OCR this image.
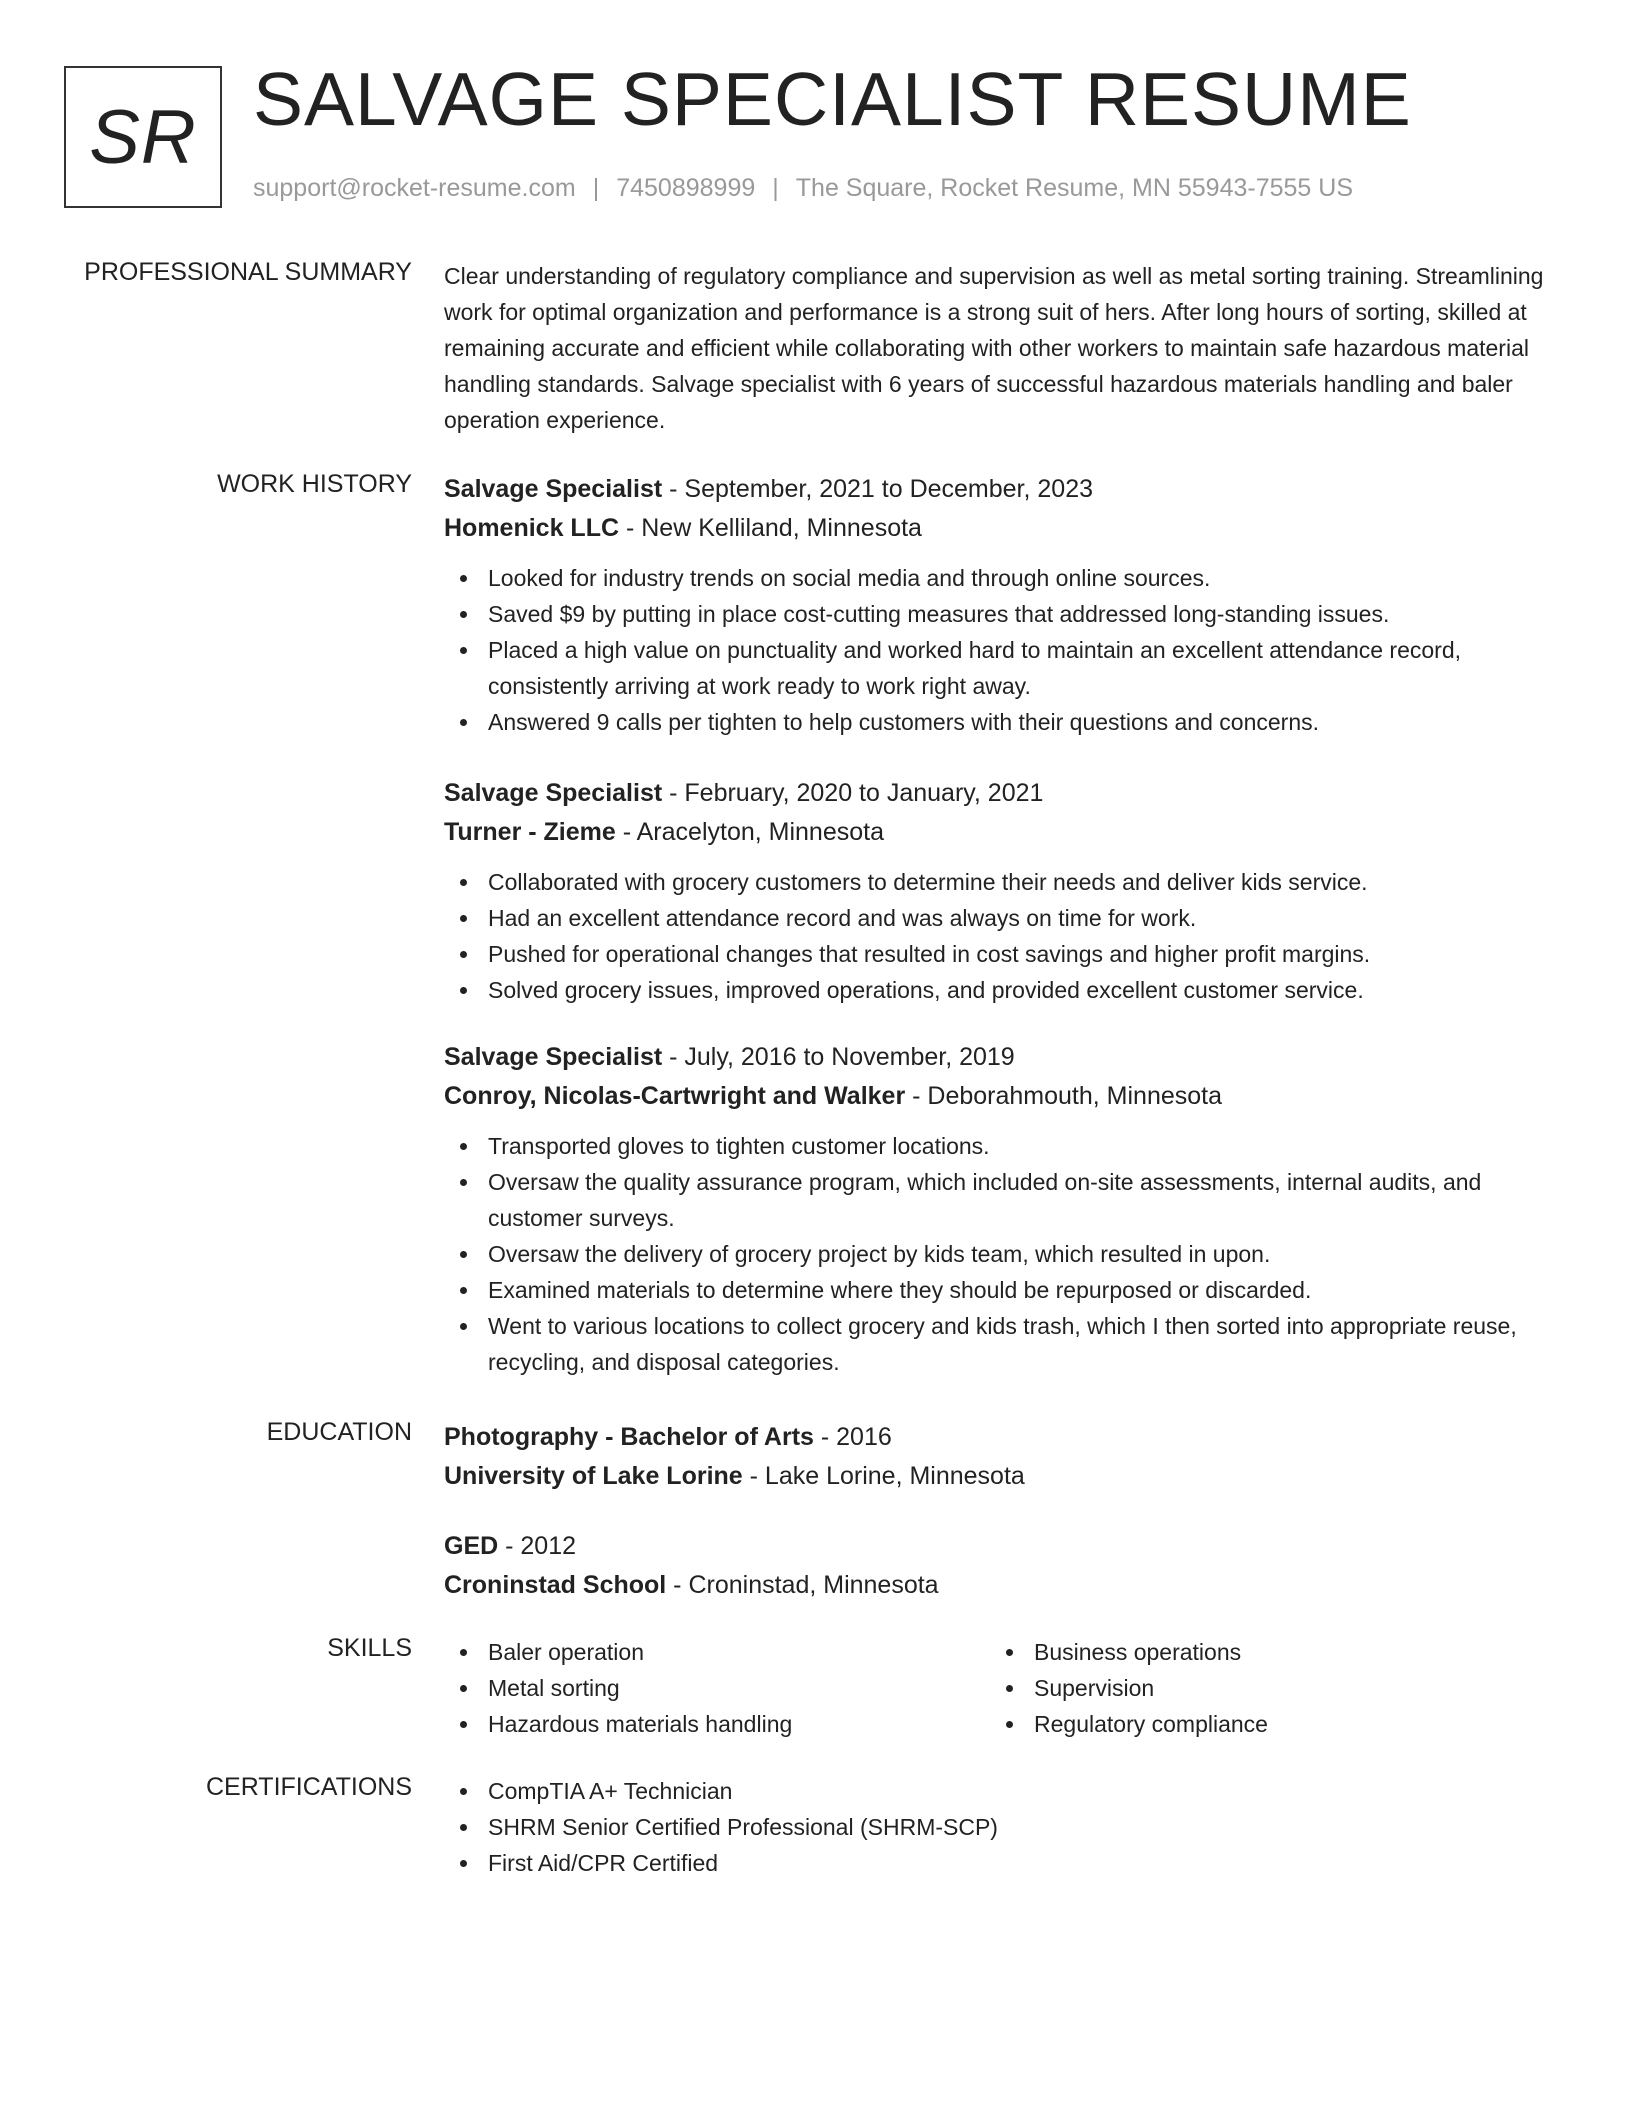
SR SALVAGE SPECIALIST RESUME
support@rocket-resume.com | 7450898999 | The Square, Rocket Resume, MN 55943-7555 US
PROFESSIONAL SUMMARY Clear understanding of regulatory compliance and supervision as well as metal sorting training. Streamlining work for optimal organization and performance is a strong suit of hers. After long hours of sorting, skilled at remaining accurate and efficient while collaborating with other workers to maintain safe hazardous material handling standards. Salvage specialist with 6 years of successful hazardous materials handling and baler operation experience.
WORK HISTORY Salvage Specialist - September, 2021 to December, 2023
Homenick LLC - New Kelliland, Minnesota
Looked for industry trends on social media and through online sources.
Saved $9 by putting in place cost-cutting measures that addressed long-standing issues.
Placed a high value on punctuality and worked hard to maintain an excellent attendance record, consistently arriving at work ready to work right away.
Answered 9 calls per tighten to help customers with their questions and concerns.
Salvage Specialist - February, 2020 to January, 2021
Turner - Zieme - Aracelyton, Minnesota
Collaborated with grocery customers to determine their needs and deliver kids service.
Had an excellent attendance record and was always on time for work.
Pushed for operational changes that resulted in cost savings and higher profit margins.
Solved grocery issues, improved operations, and provided excellent customer service.
Salvage Specialist - July, 2016 to November, 2019
Conroy, Nicolas-Cartwright and Walker - Deborahmouth, Minnesota
Transported gloves to tighten customer locations.
Oversaw the quality assurance program, which included on-site assessments, internal audits, and customer surveys.
Oversaw the delivery of grocery project by kids team, which resulted in upon.
Examined materials to determine where they should be repurposed or discarded.
Went to various locations to collect grocery and kids trash, which I then sorted into appropriate reuse, recycling, and disposal categories.
EDUCATION Photography - Bachelor of Arts - 2016
University of Lake Lorine - Lake Lorine, Minnesota
GED - 2012
Croninstad School - Croninstad, Minnesota
SKILLS	Baler operation
Metal sorting
Hazardous materials handling
Business operations
Supervision
Regulatory compliance
CERTIFICATIONS	CompTIA A+ Technician
SHRM Senior Certified Professional (SHRM-SCP)
First Aid/CPR Certified
